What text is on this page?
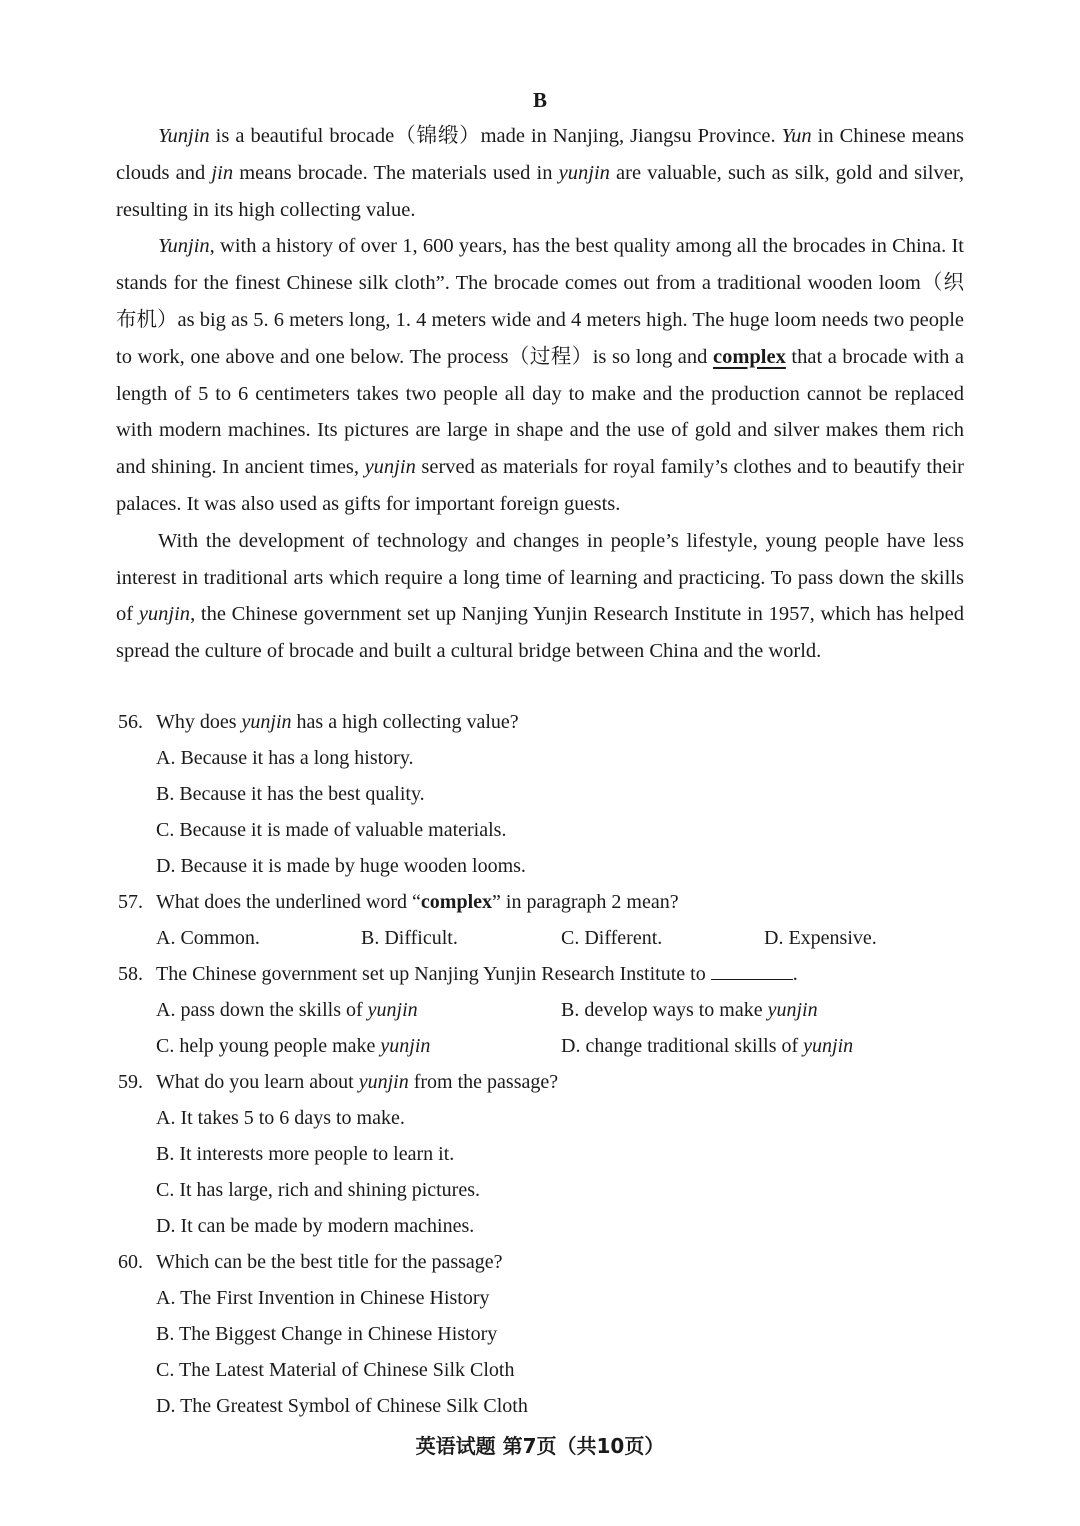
B

Yunjin is a beautiful brocade（锦缎）made in Nanjing, Jiangsu Province. Yun in Chinese means clouds and jin means brocade. The materials used in yunjin are valuable, such as silk, gold and silver, resulting in its high collecting value.

Yunjin, with a history of over 1, 600 years, has the best quality among all the brocades in China. It stands for the finest Chinese silk cloth”. The brocade comes out from a traditional wooden loom（织布机）as big as 5. 6 meters long, 1. 4 meters wide and 4 meters high. The huge loom needs two people to work, one above and one below. The process（过程）is so long and complex that a brocade with a length of 5 to 6 centimeters takes two people all day to make and the production cannot be replaced with modern machines. Its pictures are large in shape and the use of gold and silver makes them rich and shining. In ancient times, yunjin served as materials for royal family’s clothes and to beautify their palaces. It was also used as gifts for important foreign guests.

With the development of technology and changes in people’s lifestyle, young people have less interest in traditional arts which require a long time of learning and practicing. To pass down the skills of yunjin, the Chinese government set up Nanjing Yunjin Research Institute in 1957, which has helped spread the culture of brocade and built a cultural bridge between China and the world.

56. Why does yunjin has a high collecting value?
A. Because it has a long history.
B. Because it has the best quality.
C. Because it is made of valuable materials.
D. Because it is made by huge wooden looms.
57. What does the underlined word “complex” in paragraph 2 mean?
A. Common.	B. Difficult.	C. Different.	D. Expensive.
58. The Chinese government set up Nanjing Yunjin Research Institute to	.
A. pass down the skills of yunjin	B. develop ways to make yunjin
C. help young people make yunjin	D. change traditional skills of yunjin
59. What do you learn about yunjin from the passage?
A. It takes 5 to 6 days to make.
B. It interests more people to learn it.
C. It has large, rich and shining pictures.
D. It can be made by modern machines.
60. Which can be the best title for the passage?
A. The First Invention in Chinese History
B. The Biggest Change in Chinese History
C. The Latest Material of Chinese Silk Cloth
D. The Greatest Symbol of Chinese Silk Cloth
英语试题 第7页（共10页）
